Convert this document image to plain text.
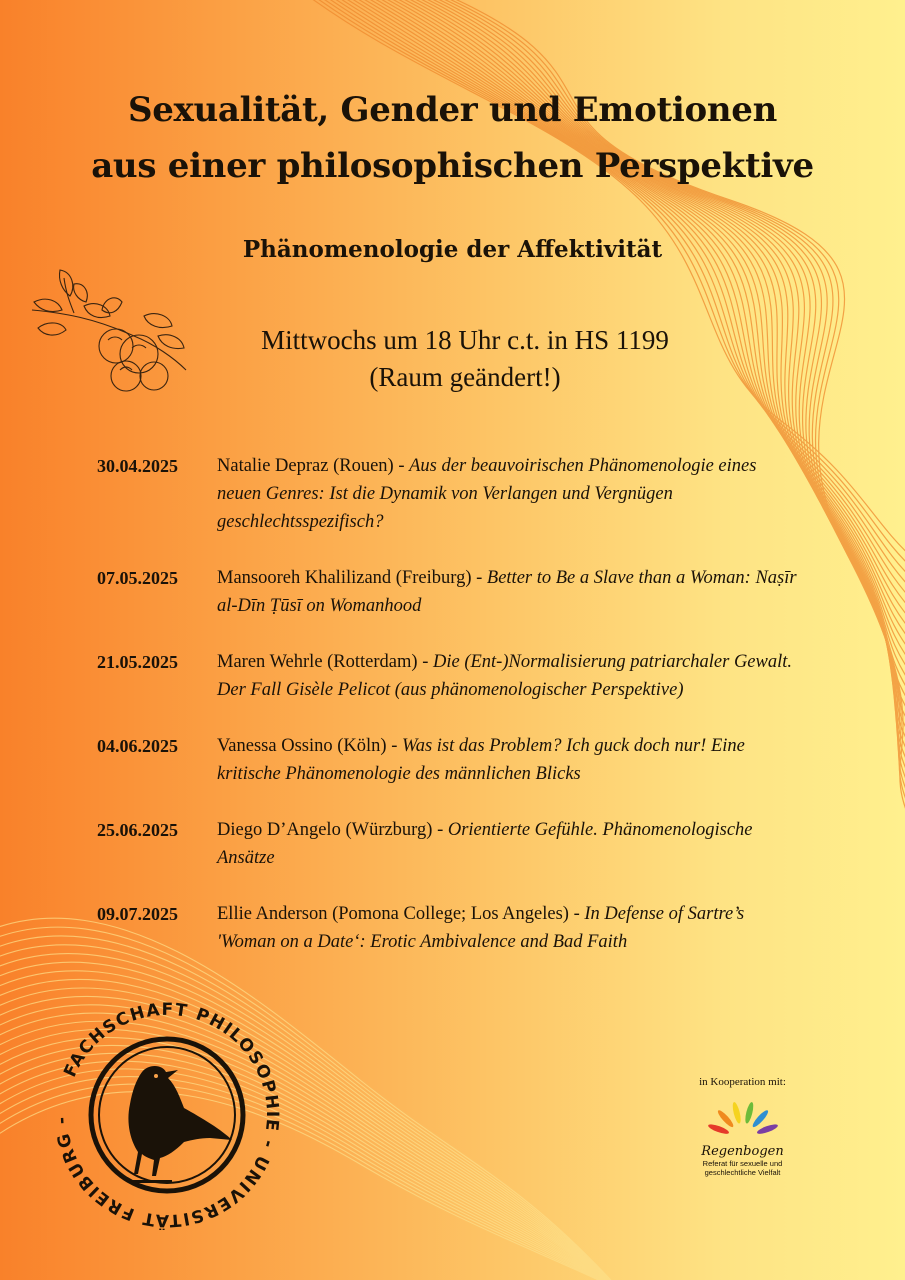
Sexualität, Gender und Emotionen
aus einer philosophischen Perspektive
Phänomenologie der Affektivität
Mittwochs um 18 Uhr c.t. in HS 1199
(Raum geändert!)
30.04.2025	Natalie Depraz (Rouen) - Aus der beauvoirischen Phänomenologie eines neuen Genres: Ist die Dynamik von Verlangen und Vergnügen geschlechtsspezifisch?
07.05.2025	Mansooreh Khalilizand (Freiburg) - Better to Be a Slave than a Woman: Naṣīr al-Dīn Ṭūsī on Womanhood
21.05.2025	Maren Wehrle (Rotterdam) - Die (Ent-)Normalisierung patriarchaler Gewalt. Der Fall Gisèle Pelicot (aus phänomenologischer Perspektive)
04.06.2025	Vanessa Ossino (Köln) - Was ist das Problem? Ich guck doch nur! Eine kritische Phänomenologie des männlichen Blicks
25.06.2025	Diego D’Angelo (Würzburg) - Orientierte Gefühle. Phänomenologische Ansätze
09.07.2025	Ellie Anderson (Pomona College; Los Angeles) - In Defense of Sartre’s 'Woman on a Date‘: Erotic Ambivalence and Bad Faith
FACHSCHAFT PHILOSOPHIE - UNIVERSITÄT FREIBURG -
in Kooperation mit:
Regenbogen
Referat für sexuelle und
geschlechtliche Vielfalt
